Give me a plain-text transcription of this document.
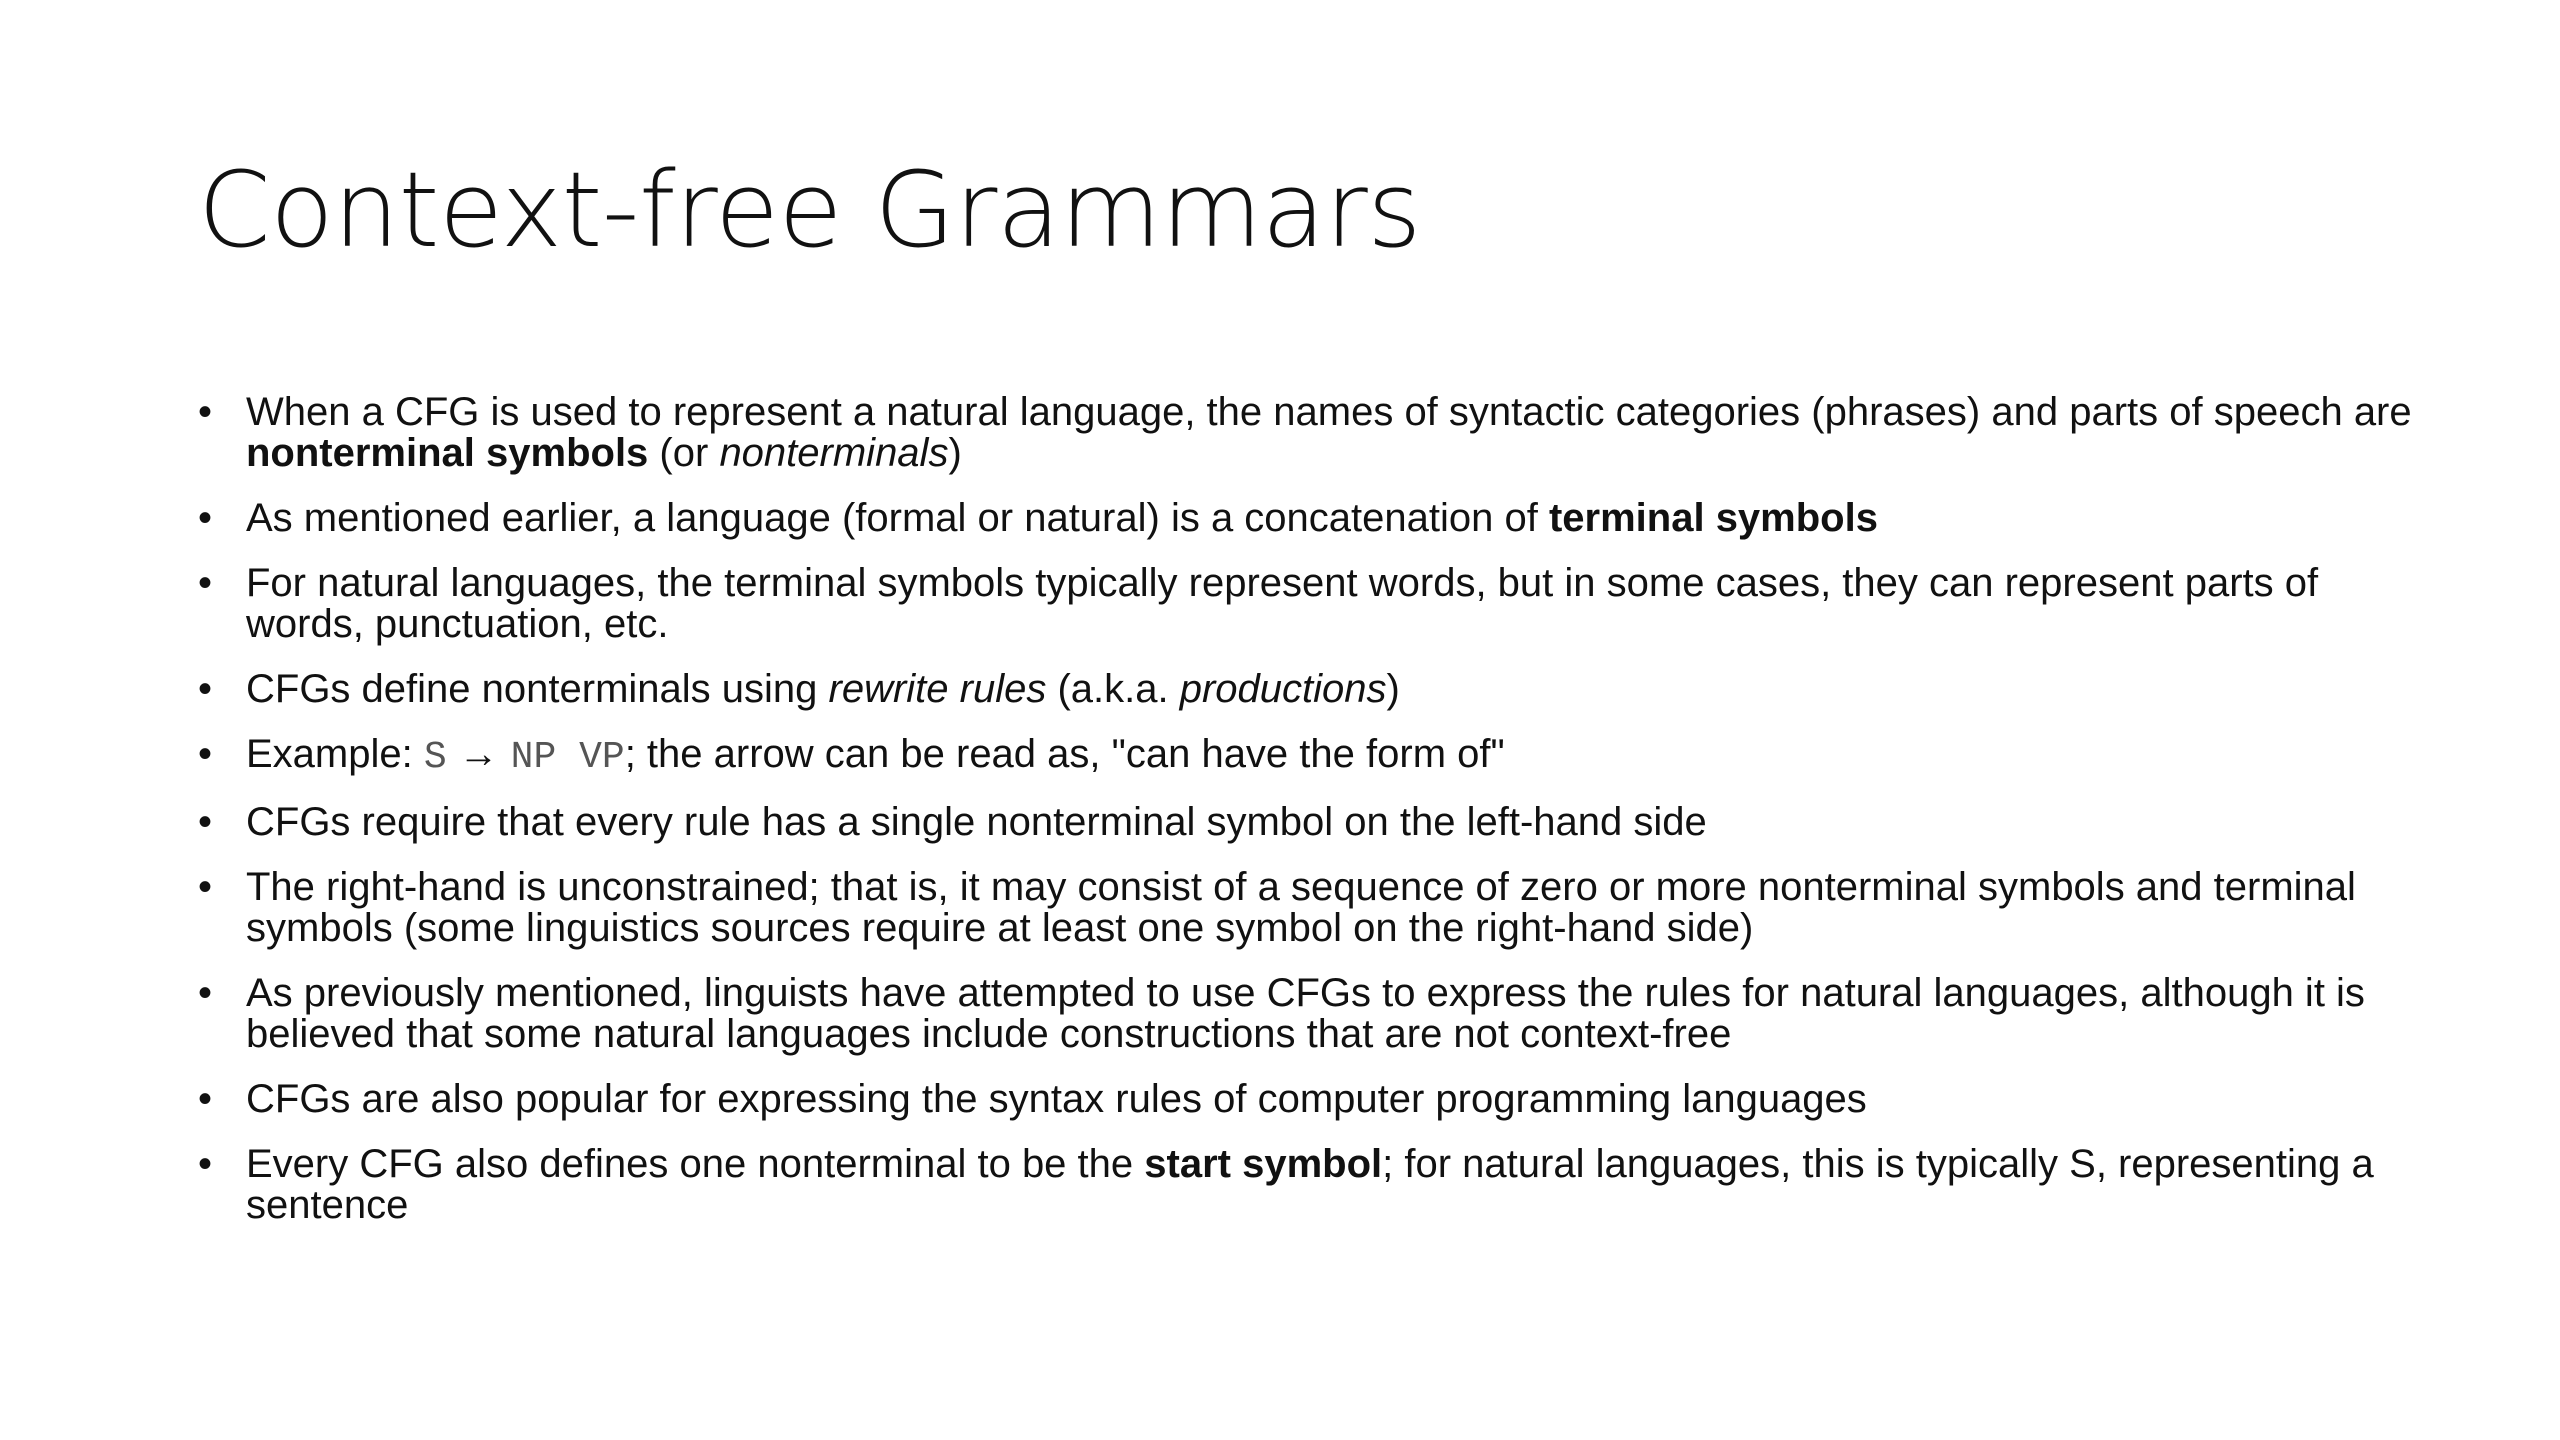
Context-free Grammars
• When a CFG is used to represent a natural language, the names of syntactic categories (phrases) and parts of speech are nonterminal symbols (or nonterminals)
• As mentioned earlier, a language (formal or natural) is a concatenation of terminal symbols
• For natural languages, the terminal symbols typically represent words, but in some cases, they can represent parts of words, punctuation, etc.
• CFGs define nonterminals using rewrite rules (a.k.a. productions)
• Example: S → NP VP; the arrow can be read as, "can have the form of"
• CFGs require that every rule has a single nonterminal symbol on the left-hand side
• The right-hand is unconstrained; that is, it may consist of a sequence of zero or more nonterminal symbols and terminal symbols (some linguistics sources require at least one symbol on the right-hand side)
• As previously mentioned, linguists have attempted to use CFGs to express the rules for natural languages, although it is believed that some natural languages include constructions that are not context-free
• CFGs are also popular for expressing the syntax rules of computer programming languages
• Every CFG also defines one nonterminal to be the start symbol; for natural languages, this is typically S, representing a sentence
